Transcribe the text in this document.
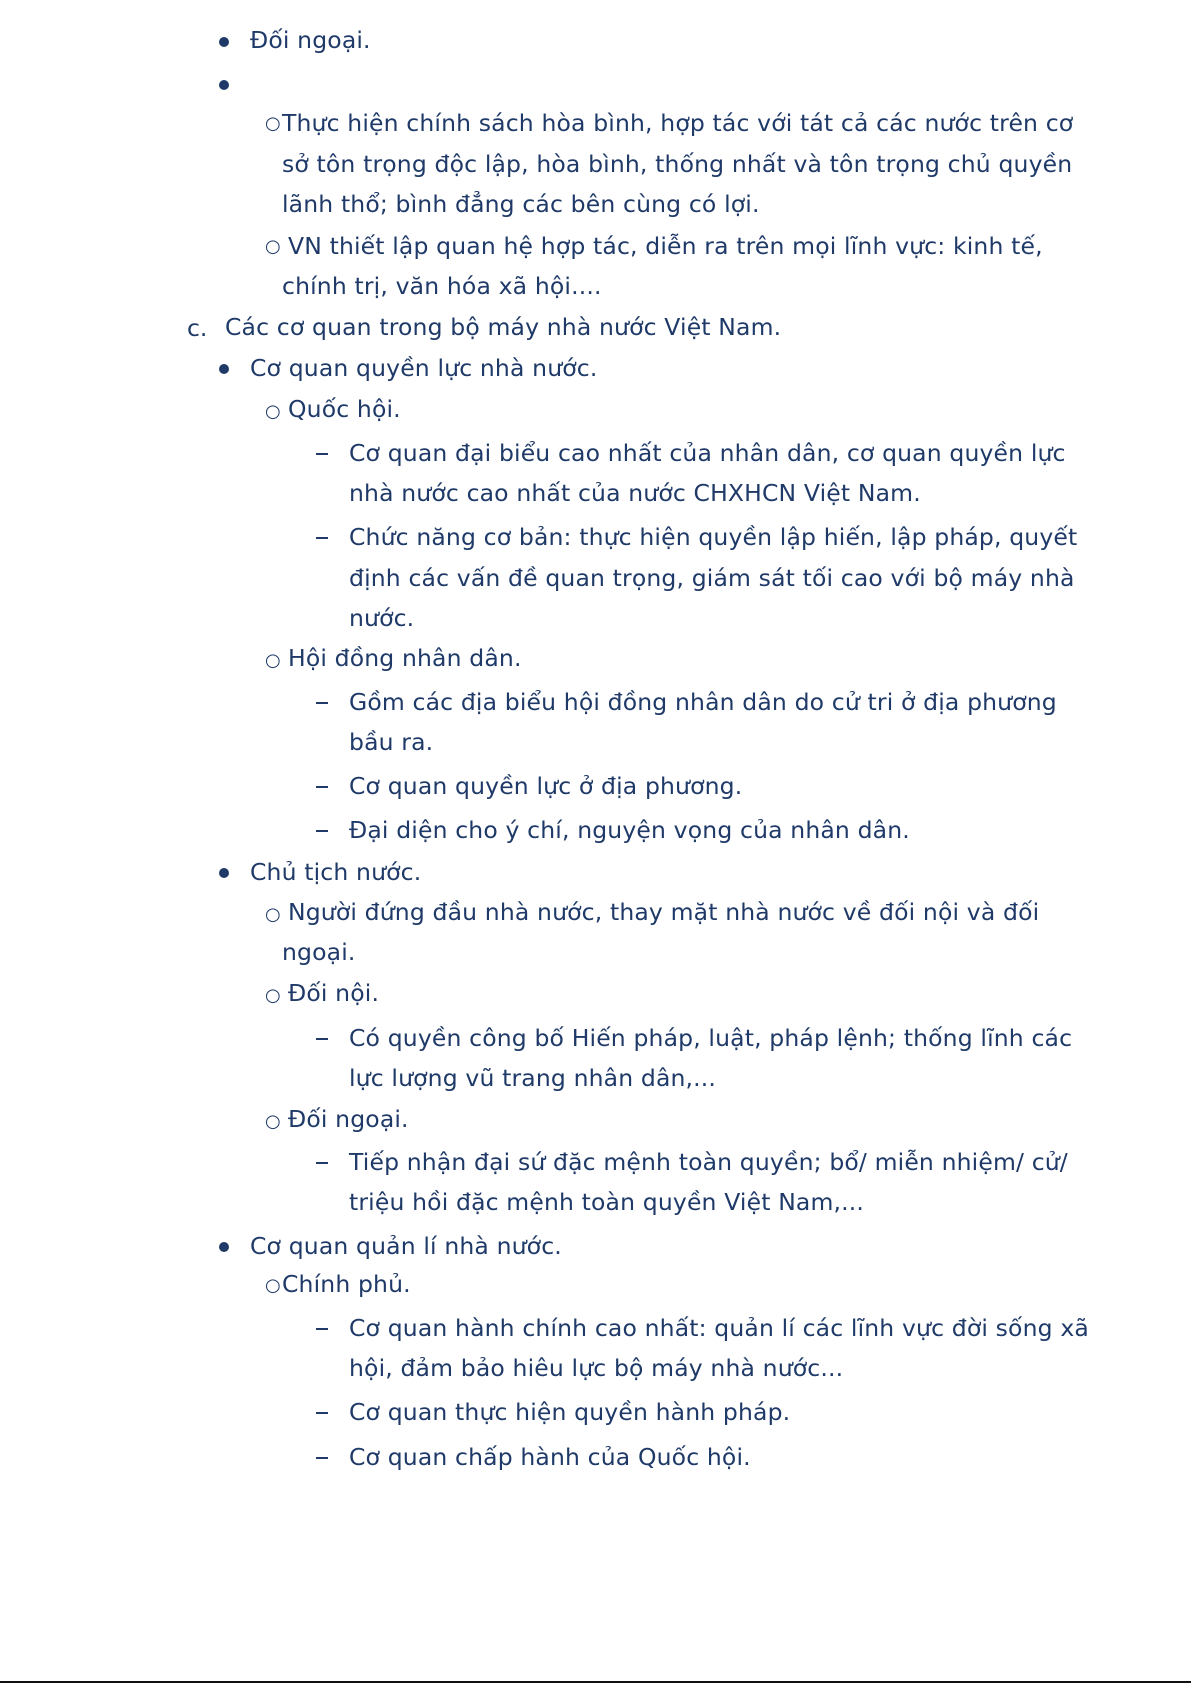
○
○
c.
○
○
○
○
○
○
Đối ngoại.
Thực hiện chính sách hòa bình, hợp tác với tát cả các nước trên cơ
sở tôn trọng độc lập, hòa bình, thống nhất và tôn trọng chủ quyền
lãnh thổ; bình đẳng các bên cùng có lợi.
VN thiết lập quan hệ hợp tác, diễn ra trên mọi lĩnh vực: kinh tế,
chính trị, văn hóa xã hội....
Các cơ quan trong bộ máy nhà nước Việt Nam.
Cơ quan quyền lực nhà nước.
Quốc hội.
Cơ quan đại biểu cao nhất của nhân dân, cơ quan quyền lực
nhà nước cao nhất của nước CHXHCN Việt Nam.
Chức năng cơ bản: thực hiện quyền lập hiến, lập pháp, quyết
định các vấn đề quan trọng, giám sát tối cao với bộ máy nhà
nước.
Hội đồng nhân dân.
Gồm các địa biểu hội đồng nhân dân do cử tri ở địa phương
bầu ra.
Cơ quan quyền lực ở địa phương.
Đại diện cho ý chí, nguyện vọng của nhân dân.
Chủ tịch nước.
Người đứng đầu nhà nước, thay mặt nhà nước về đối nội và đối
ngoại.
Đối nội.
Có quyền công bố Hiến pháp, luật, pháp lệnh; thống lĩnh các
lực lượng vũ trang nhân dân,...
Đối ngoại.
Tiếp nhận đại sứ đặc mệnh toàn quyền; bổ/ miễn nhiệm/ cử/
triệu hồi đặc mệnh toàn quyền Việt Nam,...
Cơ quan quản lí nhà nước.
Chính phủ.
Cơ quan hành chính cao nhất: quản lí các lĩnh vực đời sống xã
hội, đảm bảo hiêu lực bộ máy nhà nước...
Cơ quan thực hiện quyền hành pháp.
Cơ quan chấp hành của Quốc hội.
